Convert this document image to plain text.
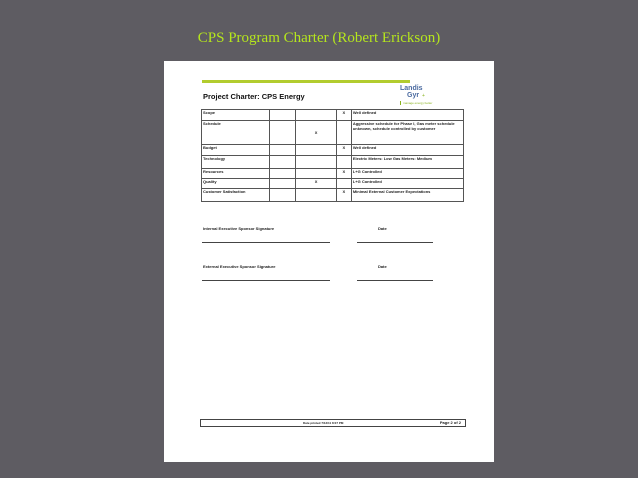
CPS Program Charter (Robert Erickson)
Project Charter: CPS Energy
Landis
Gyr +
manage energy better
Scope			X	Well defined
Schedule		X		Aggressive schedule for Phase I, Gas meter schedule unknown, schedule controlled by customer
Budget			X	Well defined
Technology				Electric Meters: Low Gas Meters: Medium
Resources			X	L+G Controlled
Quality		X		L+G Controlled
Customer Satisfaction			X	Minimal External Customer Expectations
Internal Executive Sponsor Signature	Date
External Executive Sponsor Signature	Date
Date printed 7/12/11 8:07 PM	Page 2 of 2
